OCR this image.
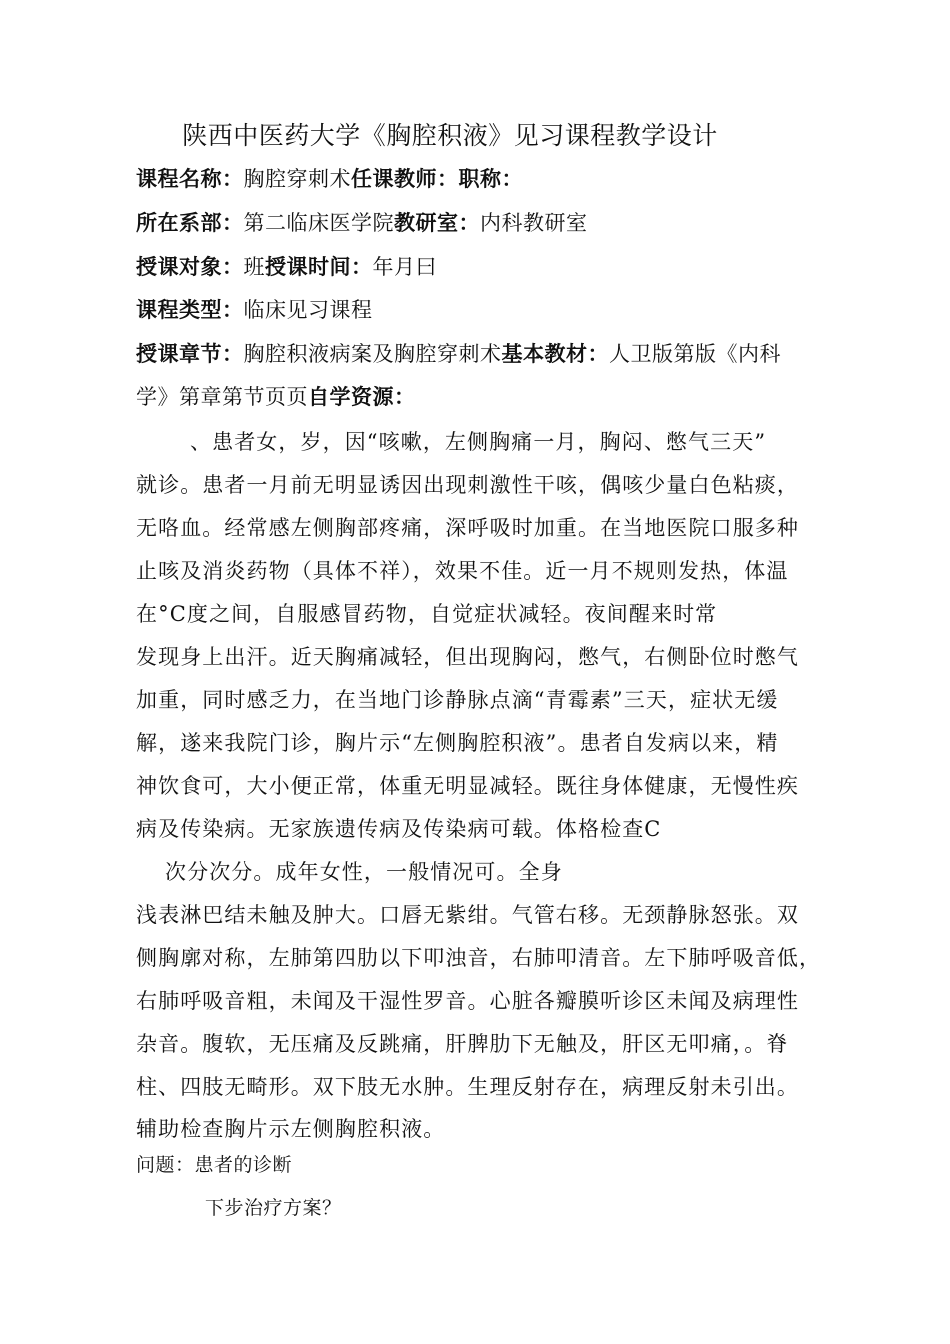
陕西中医药大学《胸腔积液》见习课程教学设计
课程名称：胸腔穿刺术任课教师：职称：
所在系部：第二临床医学院教研室：内科教研室
授课对象：班授课时间：年月曰
课程类型：临床见习课程
授课章节：胸腔积液病案及胸腔穿刺术基本教材：人卫版第版《内科
学》第章第节页页自学资源：
、患者女，岁，因“咳嗽，左侧胸痛一月，胸闷、憋气三天”
就诊。患者一月前无明显诱因出现刺激性干咳，偶咳少量白色粘痰，
无咯血。经常感左侧胸部疼痛，深呼吸时加重。在当地医院口服多种
止咳及消炎药物（具体不祥），效果不佳。近一月不规则发热，体温
在°C度之间，自服感冒药物，自觉症状减轻。夜间醒来时常
发现身上出汗。近天胸痛减轻，但出现胸闷，憋气，右侧卧位时憋气
加重，同时感乏力，在当地门诊静脉点滴“青霉素”三天，症状无缓
解，遂来我院门诊，胸片示“左侧胸腔积液”。患者自发病以来，精
神饮食可，大小便正常，体重无明显减轻。既往身体健康，无慢性疾
病及传染病。无家族遗传病及传染病可载。体格检查C
次分次分。成年女性，一般情况可。全身
浅表淋巴结未触及肿大。口唇无紫绀。气管右移。无颈静脉怒张。双
侧胸廓对称，左肺第四肋以下叩浊音，右肺叩清音。左下肺呼吸音低，
右肺呼吸音粗，未闻及干湿性罗音。心脏各瓣膜听诊区未闻及病理性
杂音。腹软，无压痛及反跳痛，肝脾肋下无触及，肝区无叩痛，。脊
柱、四肢无畸形。双下肢无水肿。生理反射存在，病理反射未引出。
辅助检查胸片示左侧胸腔积液。
问题：患者的诊断
下步治疗方案？
